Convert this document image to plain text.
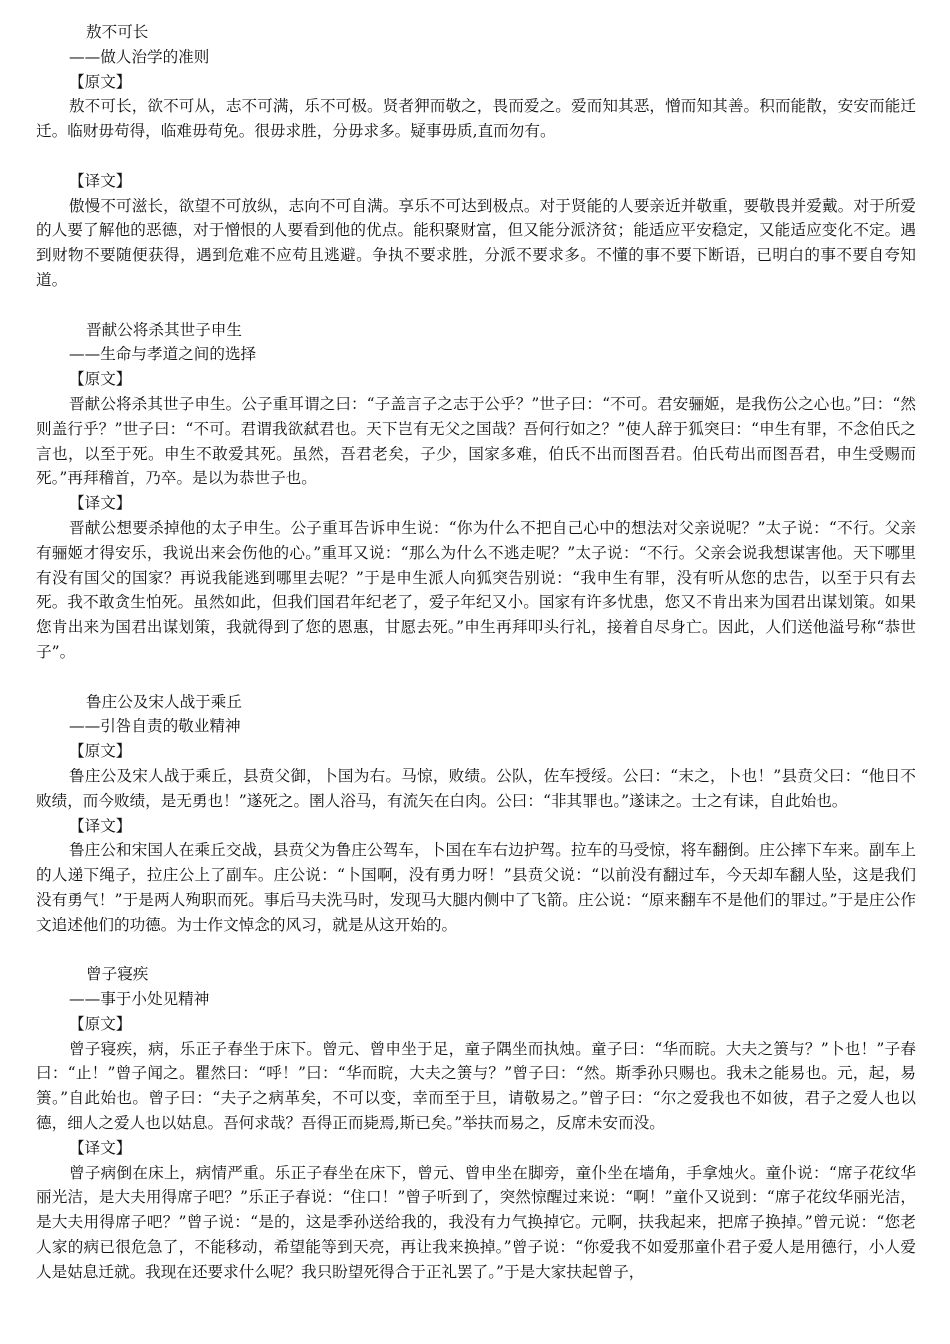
敖不可长

——做人治学的准则

【原文】

敖不可长，欲不可从，志不可满，乐不可极。贤者狎而敬之，畏而爱之。爱而知其恶，憎而知其善。积而能散，安安而能迁迁。临财毋苟得，临难毋苟免。很毋求胜，分毋求多。疑事毋质,直而勿有。

【译文】

傲慢不可滋长，欲望不可放纵，志向不可自满。享乐不可达到极点。对于贤能的人要亲近并敬重，要敬畏并爱戴。对于所爱的人要了解他的恶德，对于憎恨的人要看到他的优点。能积聚财富，但又能分派济贫；能适应平安稳定，又能适应变化不定。遇到财物不要随便获得，遇到危难不应苟且逃避。争执不要求胜，分派不要求多。不懂的事不要下断语，已明白的事不要自夸知道。

晋献公将杀其世子申生

——生命与孝道之间的选择

【原文】

晋献公将杀其世子申生。公子重耳谓之曰：“子盖言子之志于公乎？”世子曰：“不可。君安骊姬，是我伤公之心也。”曰：“然则盖行乎？”世子曰：“不可。君谓我欲弑君也。天下岂有无父之国哉？吾何行如之？”使人辞于狐突曰：“申生有罪，不念伯氏之言也，以至于死。申生不敢爱其死。虽然，吾君老矣，子少，国家多难，伯氏不出而图吾君。伯氏苟出而图吾君，申生受赐而死。”再拜稽首，乃卒。是以为恭世子也。

【译文】

晋献公想要杀掉他的太子申生。公子重耳告诉申生说：“你为什么不把自己心中的想法对父亲说呢？”太子说：“不行。父亲有骊姬才得安乐，我说出来会伤他的心。”重耳又说：“那么为什么不逃走呢？”太子说：“不行。父亲会说我想谋害他。天下哪里有没有国父的国家？再说我能逃到哪里去呢？”于是申生派人向狐突告别说：“我申生有罪，没有听从您的忠告，以至于只有去死。我不敢贪生怕死。虽然如此，但我们国君年纪老了，爱子年纪又小。国家有许多忧患，您又不肯出来为国君出谋划策。如果您肯出来为国君出谋划策，我就得到了您的恩惠，甘愿去死。”申生再拜叩头行礼，接着自尽身亡。因此，人们送他溢号称“恭世子”。

鲁庄公及宋人战于乘丘

——引咎自责的敬业精神

【原文】

鲁庄公及宋人战于乘丘，县贲父御，卜国为右。马惊，败绩。公队，佐车授绥。公曰：“末之，卜也！”县贲父曰：“他日不败绩，而今败绩，是无勇也！”遂死之。圉人浴马，有流矢在白肉。公曰：“非其罪也。”遂诔之。士之有诔，自此始也。

【译文】

鲁庄公和宋国人在乘丘交战，县贲父为鲁庄公驾车，卜国在车右边护驾。拉车的马受惊，将车翻倒。庄公摔下车来。副车上的人递下绳子，拉庄公上了副车。庄公说：“卜国啊，没有勇力呀！”县贲父说：“以前没有翻过车，今天却车翻人坠，这是我们没有勇气！”于是两人殉职而死。事后马夫洗马时，发现马大腿内侧中了飞箭。庄公说：“原来翻车不是他们的罪过。”于是庄公作文追述他们的功德。为士作文悼念的风习，就是从这开始的。

曾子寝疾

——事于小处见精神

【原文】

曾子寝疾，病，乐正子春坐于床下。曾元、曾申坐于足，童子隅坐而执烛。童子曰：“华而睆。大夫之箦与？”卜也！”子春曰：“止！”曾子闻之。瞿然曰：“呼！”曰：“华而睆，大夫之箦与？”曾子曰：“然。斯季孙只赐也。我未之能易也。元，起，易箦。”自此始也。曾子曰：“夫子之病革矣，不可以变，幸而至于旦，请敬易之。”曾子曰：“尔之爱我也不如彼，君子之爱人也以德，细人之爱人也以姑息。吾何求哉？吾得正而毙焉,斯已矣。”举扶而易之，反席未安而没。

【译文】

曾子病倒在床上，病情严重。乐正子春坐在床下，曾元、曾申坐在脚旁，童仆坐在墙角，手拿烛火。童仆说：“席子花纹华丽光洁，是大夫用得席子吧？”乐正子春说：“住口！”曾子听到了，突然惊醒过来说：“啊！”童仆又说到：“席子花纹华丽光洁，是大夫用得席子吧？”曾子说：“是的，这是季孙送给我的，我没有力气换掉它。元啊，扶我起来，把席子换掉。”曾元说：“您老人家的病已很危急了，不能移动，希望能等到天亮，再让我来换掉。”曾子说：“你爱我不如爱那童仆君子爱人是用德行，小人爱人是姑息迁就。我现在还要求什么呢？我只盼望死得合于正礼罢了。”于是大家扶起曾子，
